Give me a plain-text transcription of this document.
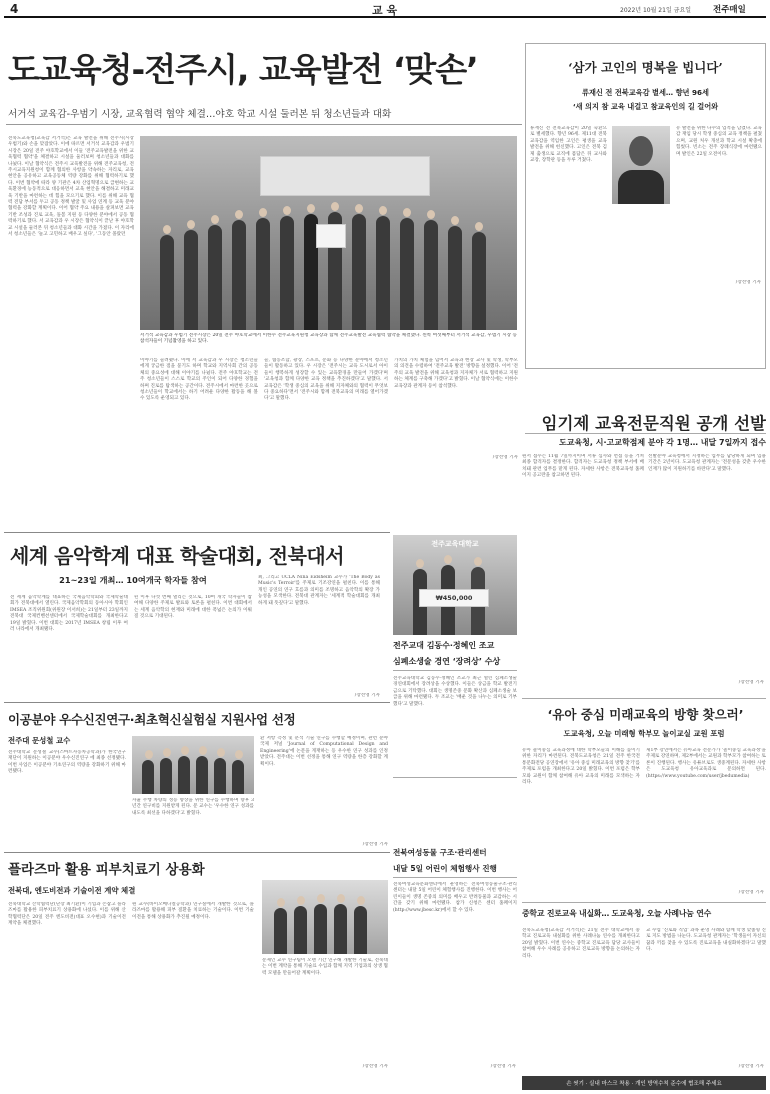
4	교 육	2022년 10월 21일 금요일	전주매일
도교육청-전주시, 교육발전 ‘맞손’
서거석 교육감-우범기 시장, 교육협력 협약 체결…야호 학교 시설 둘러본 뒤 청소년들과 대화
전북도교육청(교육감 서거석)은 교육 발전을 위해 전주시(시장 우범기)와 손을 맞잡았다. 이에 따르면 서거석 교육감과 우범기 시장은 20일 전주 야호학교에서 이들 '전주교육발전을 위한 교육협력 협약'을 체결하고 시설을 둘러보며 청소년들과 대화를 나눴다. 이날 협약식은 전주시 교육발전을 위해 전주교육청, 전주시교육지원청이 함께 협의한 사항을 약속하는 자리로, 교육 현안을 공유하고 교육공동체 역량 강화를 위해 협력하기로 했다. 이번 협약에 따라 양 기관은 4차 산업혁명으로 급변하는 교육환경에 능동적으로 대응하면서 교육 현안을 해결하고 미래교육 기반을 마련하는 데 힘을 모으기로 했다. 이를 위해 교육 협력 전담 부서를 두고 공동 정책 발굴 및 사업 연계 등 교육 분야 협력을 강화할 계획이다. 이어 협약 주요 내용을 살펴보면 교육 기반 조성과 진로 교육, 돌봄 지원 등 다양한 분야에서 공동 협력하기로 했다. 서 교육감과 우 시장은 협약식이 끝난 후 야호학교 시설을 둘러본 뒤 청소년들과 대화 시간을 가졌다. 이 자리에서 청소년들은 '놀고 고민하고 배우고 싶다', '그동안 몰랐던
서거석 교육감과 우범기 전주시장은 20일 전주 야호학교에서 이한수 전주교육지원청 교육장과 함께 전주교육발전 교육협력 협약을 체결했다. 왼쪽 여섯째부터 서거석 교육감, 우범기 시장 등 참석자들이 기념촬영을 하고 있다.
이야기를 들려줬다. 이에 서 교육감과 우 시장은 청소년들에게 궁금한 점을 묻기도 하며 학교와 지역사회 간의 공동체의 중요성에 대해 이야기를 나눴다. 전주 야호학교는 전주 청소년들이 스스로 학교의 주인이 되어 다양한 경험을 하며 진로를 탐색하는 공간이다. 전주시에서 마련한 곳으로 청소년들이 학교에서는 하기 어려운 다양한 활동을 해 볼 수 있도록 운영되고 있다.
들, 협동조합, 광장, 스포츠, 문화 등 다양한 분야에서 청소년들이 활동하고 있다. 우 시장은 '전주시는 교육 도시로서 아이들이 행복하게 성장할 수 있는 교육환경을 만들어 가겠다'며 '교육청과 함께 다양한 교육 정책을 추진하겠다'고 말했다. 서 교육감은 '학생 중심의 교육을 위해 지자체와의 협력이 무엇보다 중요하다'면서 '전주시와 함께 전북교육의 미래를 열어가겠다'고 말했다.
가치의 가치 체험을 넘어서 교육과 현장 교사 및 학생, 학부모의 의견을 수렴하여 '전주교육 발전' 방향을 설정했다. 이어 '전주의 교육 발전을 위해 교육청과 지자체가 서로 협력하고 지원하는 체계를 구축해 가겠다'고 밝혔다. 이날 협약식에는 이한수 교육장과 관계자 등이 참석했다.
/장선영 기자
‘삼가 고인의 명복을 빕니다’
류재신 전 전북교육감 별세… 향년 96세
‘새 의지 참 교육 내걸고 참교육인의 길 걸어와
류재신 전 전북교육감이 20일 숙환으로 별세했다. 향년 96세. 제11대 전북교육감을 역임한 고인은 평생을 교육 발전을 위해 헌신했다. 고인은 전북 김제 출생으로 교직에 몸담은 뒤 교사와 교장, 장학관 등을 두루 거쳤다.
유 발전을 위한 다수의 업적을 남겼다. 교육감 재임 당시 학생 중심의 교육 정책을 펼쳤으며, 교원 처우 개선과 학교 시설 확충에 힘썼다. 빈소는 전주 장례식장에 마련됐으며 발인은 22일 오전이다.
/장선영 기자
임기제 교육전문직원 공개 선발
도교육청, 시·고교학점제 분야 각 1명… 내달 7일까지 접수
원서 접수는 11월 7일까지이며 서류 심사와 면접 등을 거쳐 최종 합격자를 결정한다. 합격자는 도교육청 정책 부서에 배치돼 관련 업무를 맡게 된다. 자세한 사항은 전북교육청 홈페이지 공고란을 참고하면 된다.
선발분야 교육청에서 지정하는 업무를 담당하게 되며 임용 기간은 2년이다. 도교육청 관계자는 '전문성을 갖춘 우수한 인재가 많이 지원하기를 바란다'고 말했다.
/장선영 기자
세계 음악학계 대표 학술대회, 전북대서
21~23일 개최… 10여개국 학자들 참여
전 세계 음악학계를 대표하는 국제음악학회와 국제학술대회가 전북대에서 열린다. 국제음악학회의 동아시아 학회인 IMSEA 조직위원회(위원장 이서희)는 21일부터 23일까지 전북대 국제컨벤션센터에서 국제학술대회를 개최한다고 19일 밝혔다. 이번 대회는 2017년 IMSEA 창립 이후 여러 나라에서 개최됐다.
된 이후 다섯 번째 열리는 것으로, 10여 개국 학자들이 참여해 다양한 주제로 발표와 토론을 펼친다. 이번 대회에서는 세계 음악학의 현재와 미래에 대한 폭넓은 논의가 이뤄질 것으로 기대된다.
최, 그리고 UCLA Nina Eidsheim 교수가 'The Body as Music's Terroir'를 주제로 기조강연을 펼친다. 이를 통해 개인 공연의 연구 흐름과 의미를 조명하고 음악학의 확장 가능성을 모색한다. 전북대 관계자는 '세계적 학술대회를 개최하게 돼 뜻깊다'고 말했다.
/장선영 기자
전주교육대학교
₩450,000
전주교대 김동수·정혜인 조교
심폐소생술 경연 ‘장려상’ 수상
전주교육대학교 김동수·정혜인 조교가 최근 열린 심폐소생술 경연대회에서 장려상을 수상했다. 이들은 상금을 학교 발전기금으로 기탁했다. 대회는 생명존중 문화 확산과 심폐소생술 보급을 위해 마련됐다. 두 조교는 '배운 것을 나누는 의미로 기부했다'고 말했다.
‘유아 중심 미래교육의 방향 찾으러’
도교육청, 오늘 미래형 학부모 놀이교실 교원 포럼
유아 놀이중심 교육과정에 대한 학부모들의 이해를 높이기 위한 자리가 마련된다. 전북도교육청은 21일 전주 한국전통문화전당 공연장에서 '유아 중심 미래교육의 방향 찾기'를 주제로 포럼을 개최한다고 20일 밝혔다. 이번 포럼은 학부모와 교원이 함께 참여해 유아 교육의 미래를 모색하는 자리다.
제1부 강연에서는 유아교육 전문가가 '놀이중심 교육과정'을 주제로 강연하며, 제2부에서는 교원과 학부모가 참여하는 토론이 진행된다. 행사는 유튜브로도 생중계된다. 자세한 사항은 도교육청 유아교육과로 문의하면 된다. (https://www.youtube.com/user/jbedumedia)
/장선영 기자
이공분야 우수신진연구·최초혁신실험실 지원사업 선정
전주대 문성철 교수
전주대학교 문성철 교수(스마트자동차공학과)가 한국연구재단이 지원하는 이공분야 우수신진연구 에 최종 선정됐다. 이번 사업은 이공분야 기초연구의 역량을 강화하기 위해 마련됐다.
자율 주행 차량의 성능 향상을 위한 연구를 수행하며 향후 3년간 연구비를 지원받게 된다. 문 교수는 '우수한 연구 성과를 내도록 최선을 다하겠다'고 밝혔다.
환 저항 측정 및 분석 기술 연구를 수행할 예정이며, 관련 분야 국제 저널 'Journal of Computational Design and Engineering'에 논문을 게재하는 등 우수한 연구 성과를 인정받았다. 전주대는 이번 선정을 통해 연구 역량을 한층 강화할 계획이다.
/장선영 기자
전북여성동물 구조·관리센터
내달 5일 어린이 체험행사 진행
전북여성교육문화센터에서 운영하는 전북여성동물구조·관리센터는 내달 5일 어린이 체험행사를 진행한다. 이번 행사는 어린이들이 생명 존중의 의미를 배우고 반려동물과 교감하는 시간을 갖기 위해 마련됐다. 참가 신청은 센터 홈페이지(http://www.jbesc.kr)에서 할 수 있다.
/장선영 기자
플라즈마 활용 피부치료기 상용화
전북대, 엔도비전과 기술이전 계약 체결
전북대학교 산학협력단(단장 최기환)이 기업과 손잡고 플라즈마를 활용한 피부치료기 상용화에 나섰다. 이를 위해 산학협력단은 20일 전주 엔도비전(대표 오수현)과 기술이전 계약을 체결했다.
원 교수(바이오메디컬공학과) 연구실에서 개발한 것으로, 플라즈마를 활용해 피부 질환을 치료하는 기술이다. 이번 기술이전을 통해 상용화가 추진될 예정이다.
문제인 교수 연구팀이 오랜 기간 연구해 개발한 기술로, 전북대는 이번 계약을 통해 기술료 수입과 함께 지역 기업과의 상생 협력 모델을 만들어갈 계획이다.
/장선영 기자
중학교 진로교육 내실화… 도교육청, 오늘 사례나눔 연수
전북도교육청(교육감 서거석)은 21일 전주 대학교에서 중학교 진로교육 내실화를 위한 사례나눔 연수를 개최한다고 20일 밝혔다. 이번 연수는 중학교 진로교육 담당 교사들이 참여해 우수 사례를 공유하고 진로교육 방향을 논의하는 자리다.
교 수업 '진로와 직업' 과목 운영 사례와 함께 학생 맞춤형 진로 지도 방법을 나눈다. 도교육청 관계자는 '학생들이 자신의 꿈과 끼를 찾을 수 있도록 진로교육을 내실화하겠다'고 말했다.
/장선영 기자
손 씻기 · 실내 마스크 착용 · 개인 방역수칙 준수에 협조해 주세요
